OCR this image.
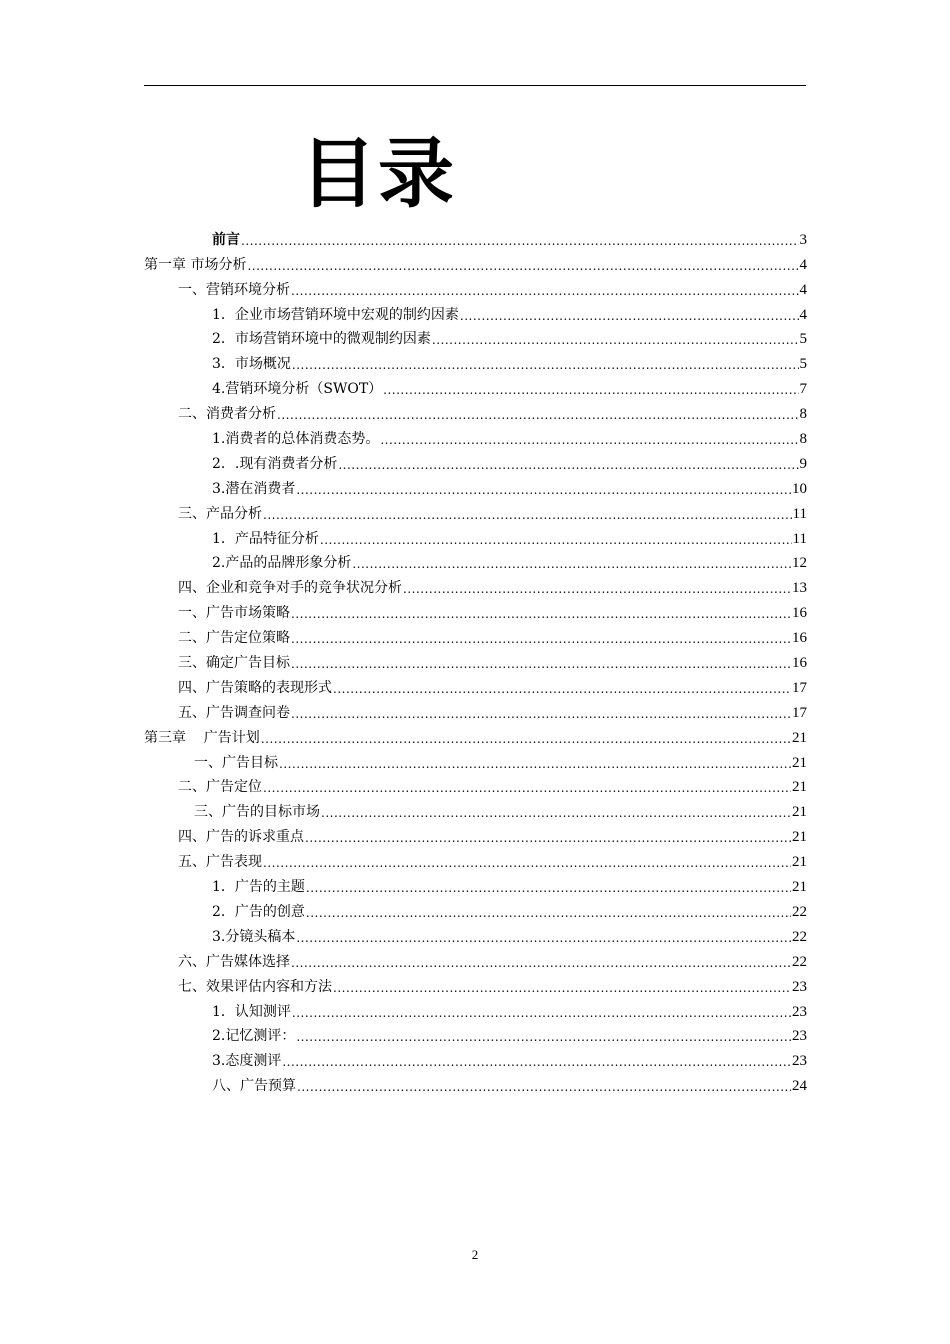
目录
前言 .....	3
第一章 市场分析 .....	4
一、营销环境分析 .....	4
1．企业市场营销环境中宏观的制约因素 .....	4
2．市场营销环境中的微观制约因素 .....	5
3．市场概况 .....	5
4.营销环境分析（SWOT） .....	7
二、消费者分析 .....	8
1.消费者的总体消费态势。 .....	8
2．.现有消费者分析 .....	9
3.潜在消费者 .....	10
三、产品分析 .....	11
1．产品特征分析 .....	11
2.产品的品牌形象分析 .....	12
四、企业和竞争对手的竞争状况分析 .....	13
一、广告市场策略 .....	16
二、广告定位策略 .....	16
三、确定广告目标 .....	16
四、广告策略的表现形式 .....	17
五、广告调查问卷 .....	17
第三章    广告计划 .....	21
一、广告目标 .....	21
二、广告定位 .....	21
三、广告的目标市场 .....	21
四、广告的诉求重点 .....	21
五、广告表现 .....	21
1．广告的主题 .....	21
2．广告的创意 .....	22
3.分镜头稿本 .....	22
六、广告媒体选择 .....	22
七、效果评估内容和方法 .....	23
1．认知测评 .....	23
2.记忆测评： .....	23
3.态度测评 .....	23
八、广告预算 .....	24
2
